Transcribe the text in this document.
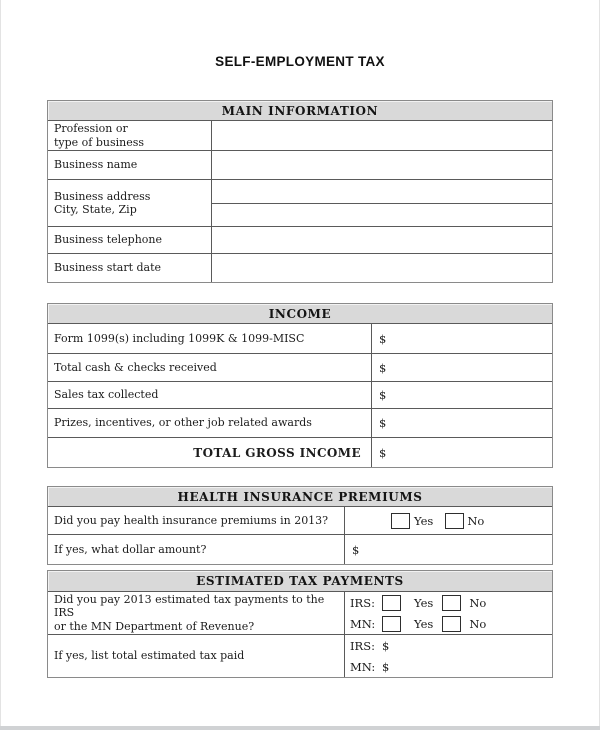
SELF-EMPLOYMENT TAX
MAIN INFORMATION
Profession or
type of business
Business name
Business address
City, State, Zip
Business telephone
Business start date
INCOME
Form 1099(s) including 1099K & 1099-MISC	$
Total cash & checks received	$
Sales tax collected	$
Prizes, incentives, or other job related awards	$
TOTAL GROSS INCOME	$
HEALTH INSURANCE PREMIUMS
Did you pay health insurance premiums in 2013?	Yes	No
If yes, what dollar amount?	$
ESTIMATED TAX PAYMENTS
Did you pay 2013 estimated tax payments to the IRS
or the MN Department of Revenue?
IRS:	Yes	No
MN:	Yes	No
If yes, list total estimated tax paid
IRS: $
MN: $
